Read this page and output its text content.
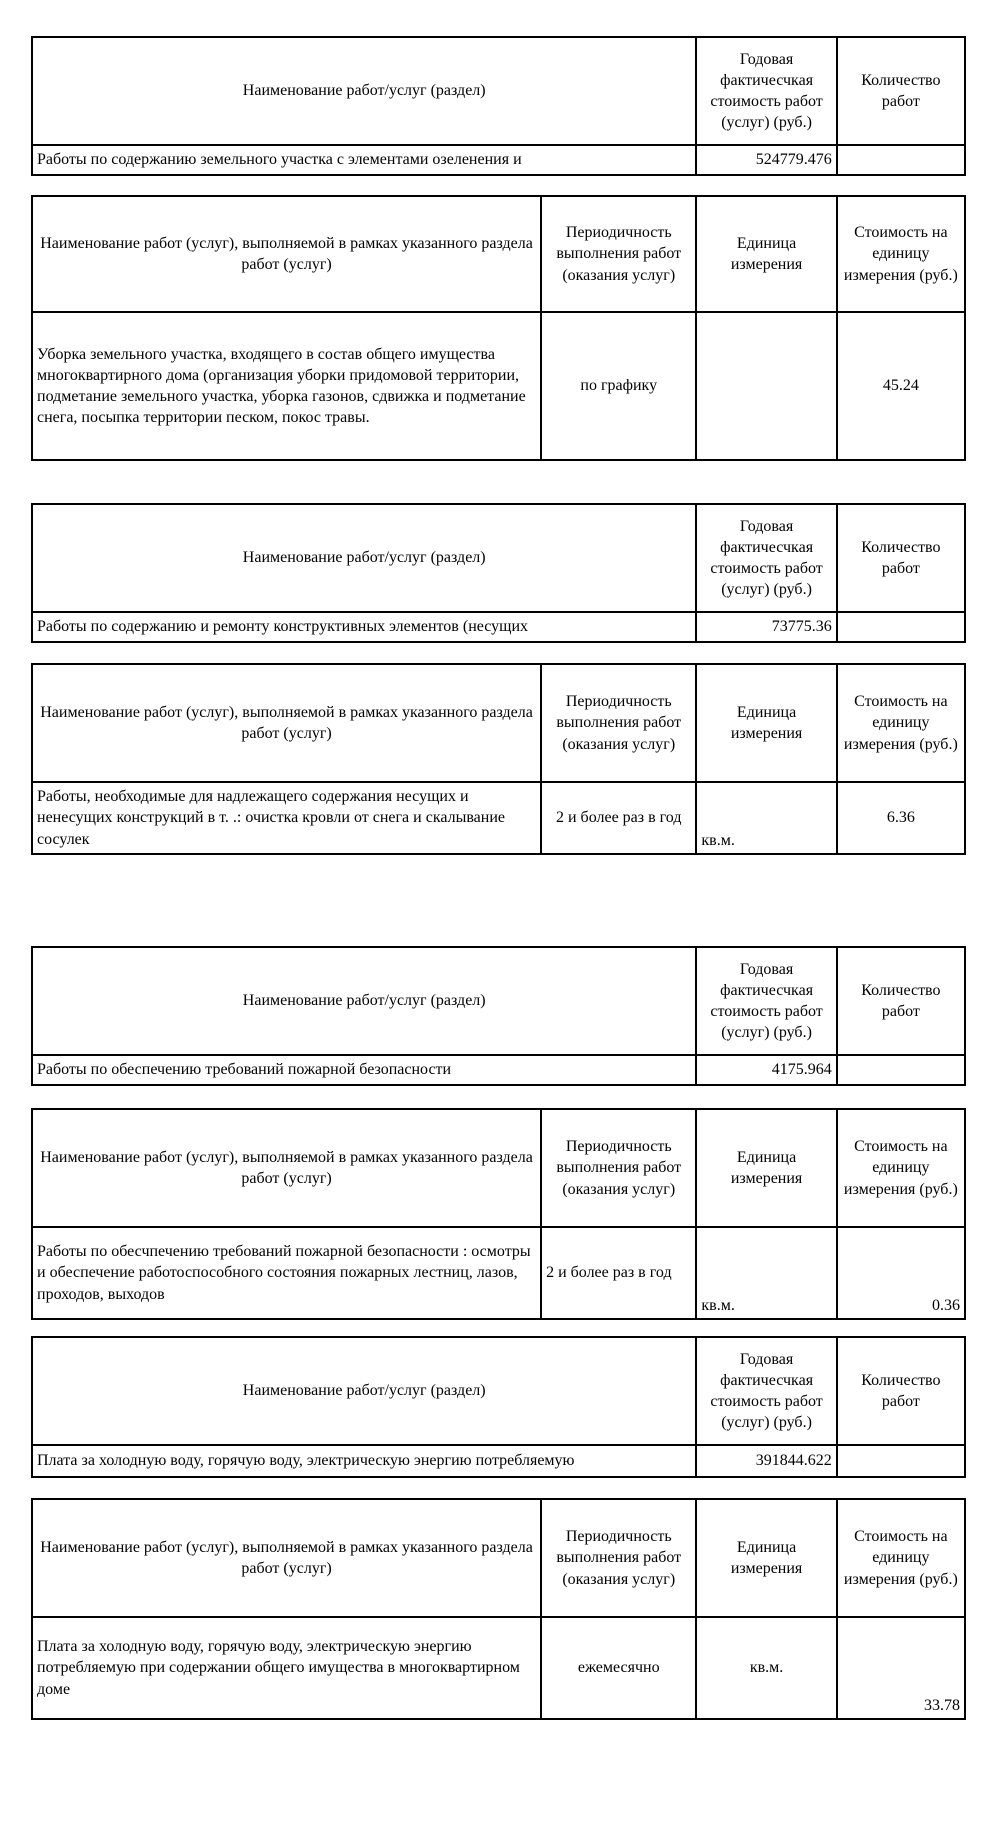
Наименование работ/услуг (раздел)	Годовая фактичесчкая стоимость работ (услуг) (руб.)	Количество работ
Работы по содержанию земельного участка с элементами озеленения и	524779.476	
Наименование работ (услуг), выполняемой в рамках указанного раздела работ (услуг)	Периодичность выполнения работ (оказания услуг)	Единица измерения	Стоимость на единицу измерения (руб.)
Уборка земельного участка, входящего в состав общего имущества многоквартирного дома (организация уборки придомовой территории, подметание земельного участка, уборка газонов, сдвижка и подметание снега, посыпка территории песком, покос травы.	по графику		45.24
Наименование работ/услуг (раздел)	Годовая фактичесчкая стоимость работ (услуг) (руб.)	Количество работ
Работы по содержанию и ремонту конструктивных элементов (несущих	73775.36	
Наименование работ (услуг), выполняемой в рамках указанного раздела работ (услуг)	Периодичность выполнения работ (оказания услуг)	Единица измерения	Стоимость на единицу измерения (руб.)
Работы, необходимые для надлежащего содержания несущих и ненесущих конструкций в т. .: очистка кровли от снега и скалывание сосулек	2 и более раз в год	кв.м.	6.36
Наименование работ/услуг (раздел)	Годовая фактичесчкая стоимость работ (услуг) (руб.)	Количество работ
Работы по обеспечению требований пожарной безопасности	4175.964	
Наименование работ (услуг), выполняемой в рамках указанного раздела работ (услуг)	Периодичность выполнения работ (оказания услуг)	Единица измерения	Стоимость на единицу измерения (руб.)
Работы по обесчпечению требований пожарной безопасности : осмотры и обеспечение работоспособного состояния пожарных лестниц, лазов, проходов, выходов	2 и более раз в год	кв.м.	0.36
Наименование работ/услуг (раздел)	Годовая фактичесчкая стоимость работ (услуг) (руб.)	Количество работ
Плата за холодную воду, горячую воду, электрическую энергию потребляемую	391844.622	
Наименование работ (услуг), выполняемой в рамках указанного раздела работ (услуг)	Периодичность выполнения работ (оказания услуг)	Единица измерения	Стоимость на единицу измерения (руб.)
Плата за холодную воду, горячую воду, электрическую энергию потребляемую при содержании общего имущества в многоквартирном доме	ежемесячно	кв.м.	33.78
